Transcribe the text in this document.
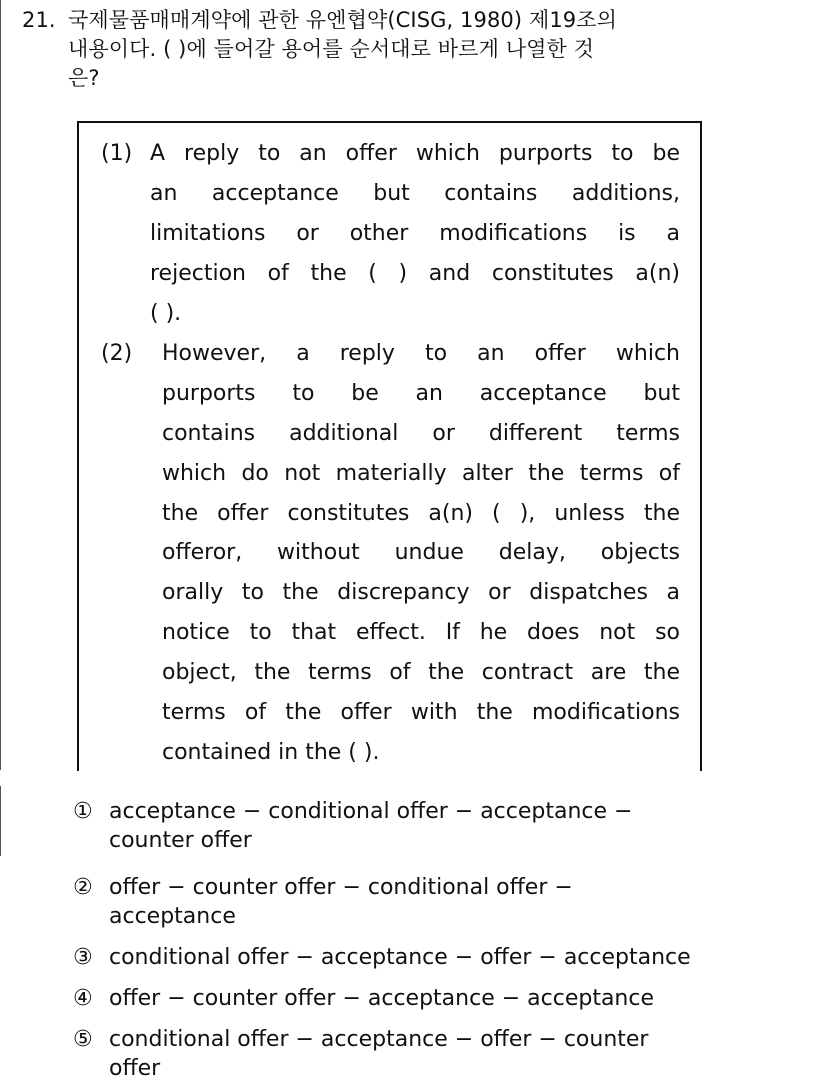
21. 국제물품매매계약에 관한 유엔협약(CISG, 1980) 제19조의
내용이다. ( )에 들어갈 용어를 순서대로 바르게 나열한 것
은?
(1) A reply to an offer which purports to be
an acceptance but contains additions,
limitations or other modifications is a
rejection of the ( ) and constitutes a(n)
( ).
(2) However, a reply to an offer which
purports to be an acceptance but
contains additional or different terms
which do not materially alter the terms of
the offer constitutes a(n) ( ), unless the
offeror, without undue delay, objects
orally to the discrepancy or dispatches a
notice to that effect. If he does not so
object, the terms of the contract are the
terms of the offer with the modifications
contained in the ( ).
① acceptance − conditional offer − acceptance −
counter offer
② offer − counter offer − conditional offer −
acceptance
③ conditional offer − acceptance − offer − acceptance
④ offer − counter offer − acceptance − acceptance
⑤ conditional offer − acceptance − offer − counter
offer
